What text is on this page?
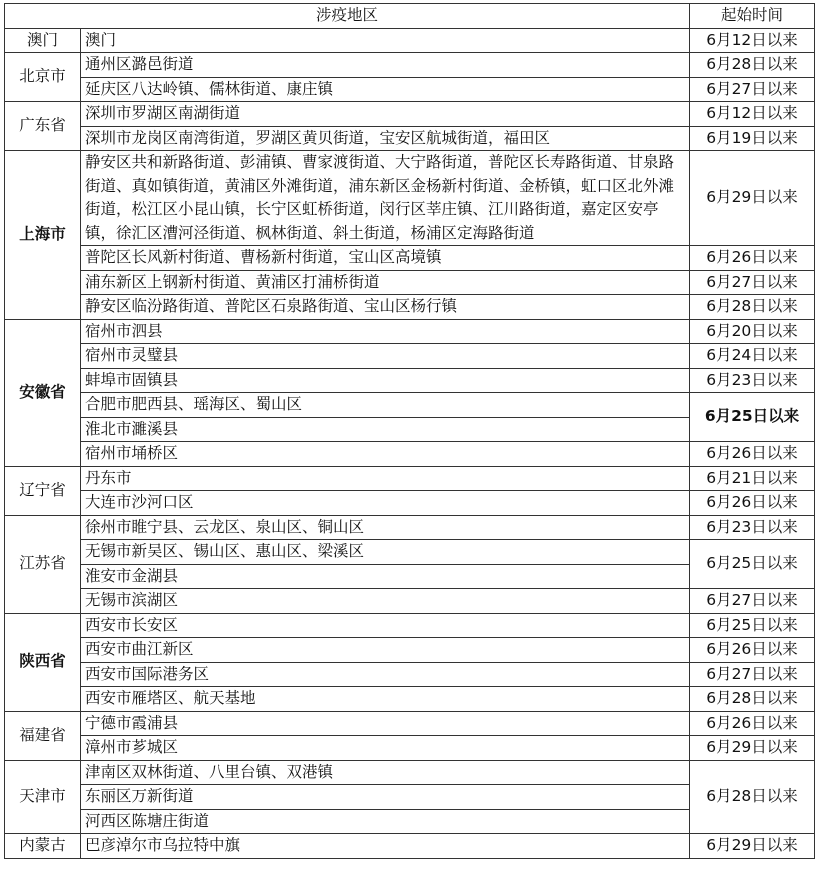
涉疫地区		起始时间
澳门	澳门	6月12日以来
北京市	通州区潞邑街道	6月28日以来
	延庆区八达岭镇、儒林街道、康庄镇	6月27日以来
广东省	深圳市罗湖区南湖街道	6月12日以来
	深圳市龙岗区南湾街道，罗湖区黄贝街道，宝安区航城街道，福田区	6月19日以来
上海市	静安区共和新路街道、彭浦镇、曹家渡街道、大宁路街道，普陀区长寿路街道、甘泉路街道、真如镇街道，黄浦区外滩街道，浦东新区金杨新村街道、金桥镇，虹口区北外滩街道，松江区小昆山镇，长宁区虹桥街道，闵行区莘庄镇、江川路街道，嘉定区安亭镇，徐汇区漕河泾街道、枫林街道、斜土街道，杨浦区定海路街道	6月29日以来
	普陀区长风新村街道、曹杨新村街道，宝山区高境镇	6月26日以来
	浦东新区上钢新村街道、黄浦区打浦桥街道	6月27日以来
	静安区临汾路街道、普陀区石泉路街道、宝山区杨行镇	6月28日以来
安徽省	宿州市泗县	6月20日以来
	宿州市灵璧县	6月24日以来
	蚌埠市固镇县	6月23日以来
	合肥市肥西县、瑶海区、蜀山区	6月25日以来
	淮北市濉溪县	
	宿州市埇桥区	6月26日以来
辽宁省	丹东市	6月21日以来
	大连市沙河口区	6月26日以来
江苏省	徐州市睢宁县、云龙区、泉山区、铜山区	6月23日以来
	无锡市新吴区、锡山区、惠山区、梁溪区	6月25日以来
	淮安市金湖县	
	无锡市滨湖区	6月27日以来
陕西省	西安市长安区	6月25日以来
	西安市曲江新区	6月26日以来
	西安市国际港务区	6月27日以来
	西安市雁塔区、航天基地	6月28日以来
福建省	宁德市霞浦县	6月26日以来
	漳州市芗城区	6月29日以来
天津市	津南区双林街道、八里台镇、双港镇	6月28日以来
	东丽区万新街道	
	河西区陈塘庄街道	
内蒙古	巴彦淖尔市乌拉特中旗	6月29日以来
